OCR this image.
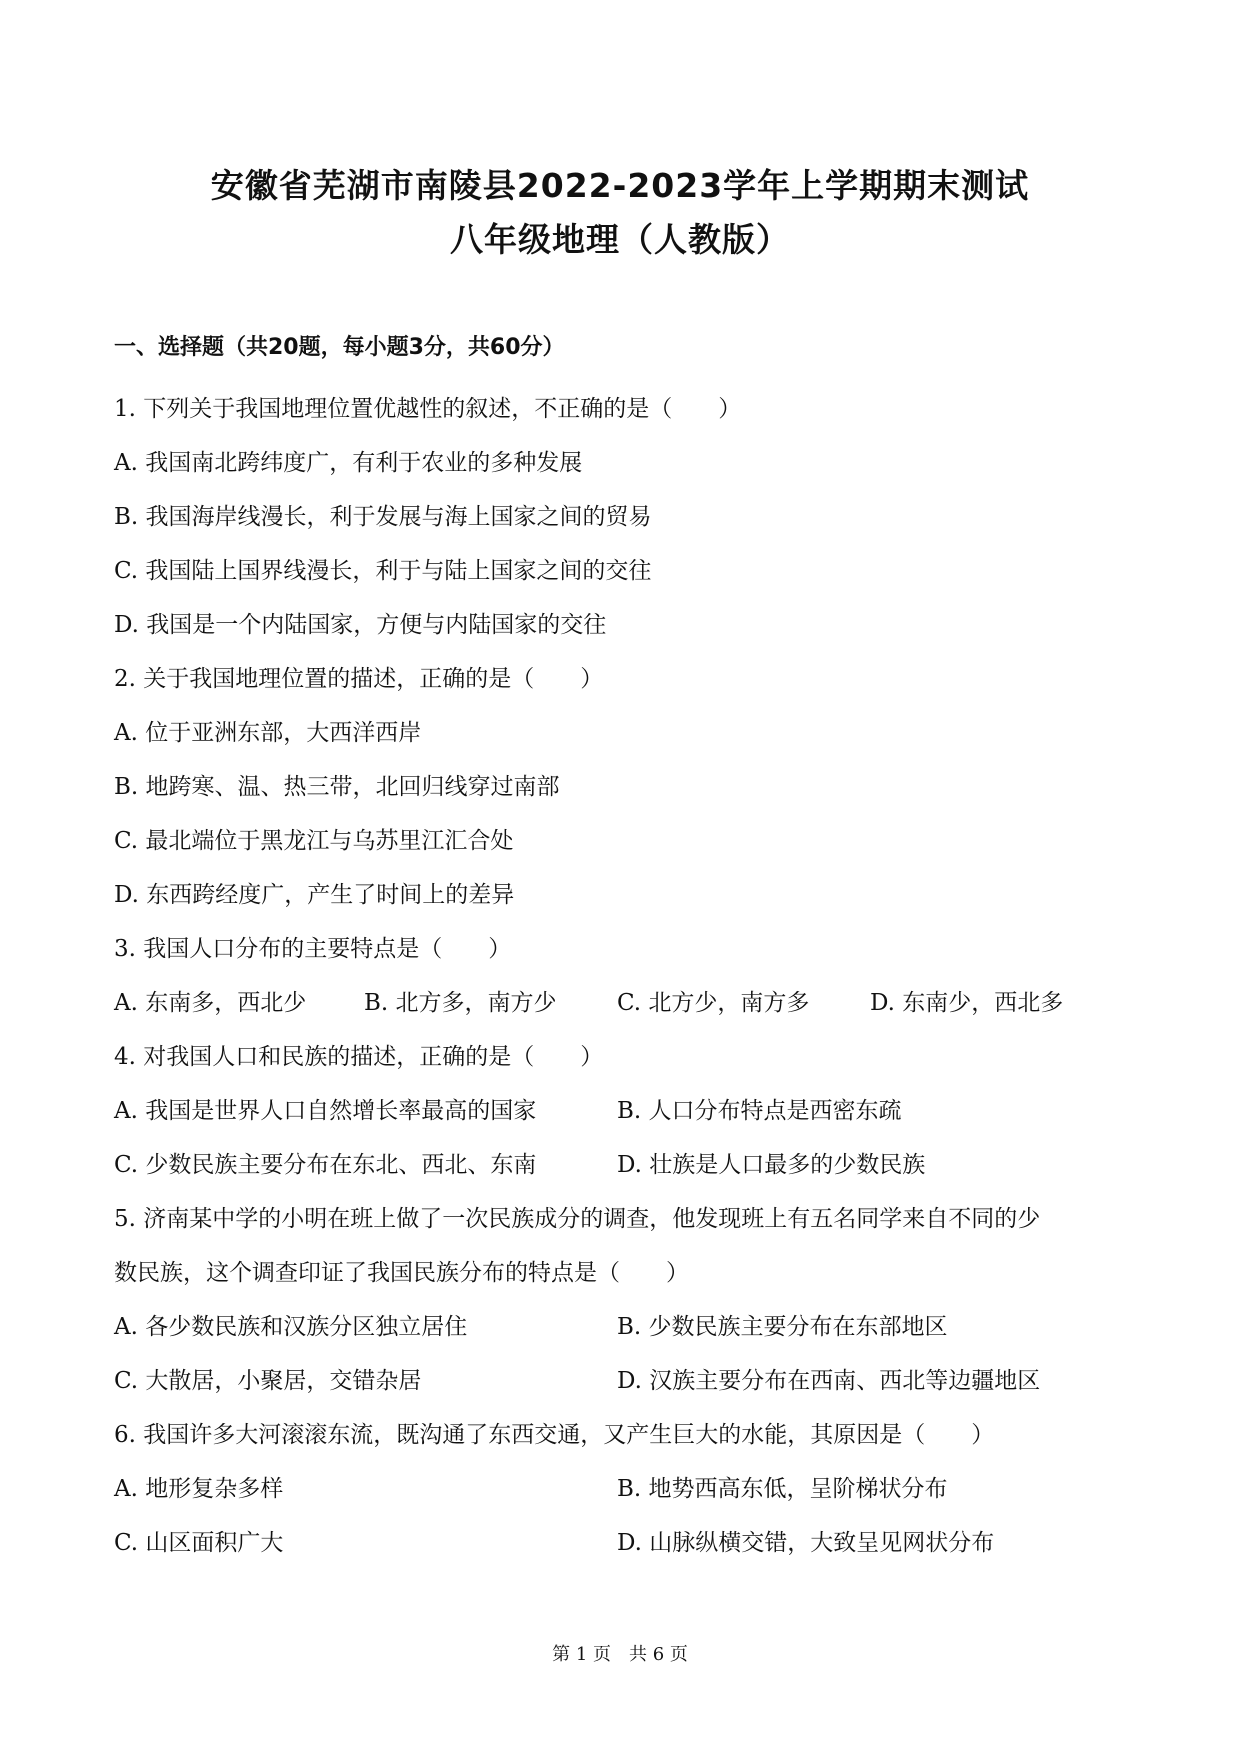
安徽省芜湖市南陵县2022-2023学年上学期期末测试
八年级地理（人教版）
一、选择题（共20题，每小题3分，共60分）
1. 下列关于我国地理位置优越性的叙述，不正确的是（　　）
A. 我国南北跨纬度广，有利于农业的多种发展
B. 我国海岸线漫长，利于发展与海上国家之间的贸易
C. 我国陆上国界线漫长，利于与陆上国家之间的交往
D. 我国是一个内陆国家，方便与内陆国家的交往
2. 关于我国地理位置的描述，正确的是（　　）
A. 位于亚洲东部，大西洋西岸
B. 地跨寒、温、热三带，北回归线穿过南部
C. 最北端位于黑龙江与乌苏里江汇合处
D. 东西跨经度广，产生了时间上的差异
3. 我国人口分布的主要特点是（　　）
A. 东南多，西北少	B. 北方多，南方少	C. 北方少，南方多	D. 东南少，西北多
4. 对我国人口和民族的描述，正确的是（　　）
A. 我国是世界人口自然增长率最高的国家	B. 人口分布特点是西密东疏
C. 少数民族主要分布在东北、西北、东南	D. 壮族是人口最多的少数民族
5. 济南某中学的小明在班上做了一次民族成分的调查，他发现班上有五名同学来自不同的少
数民族，这个调查印证了我国民族分布的特点是（　　）
A. 各少数民族和汉族分区独立居住	B. 少数民族主要分布在东部地区
C. 大散居，小聚居，交错杂居	D. 汉族主要分布在西南、西北等边疆地区
6. 我国许多大河滚滚东流，既沟通了东西交通，又产生巨大的水能，其原因是（　　）
A. 地形复杂多样	B. 地势西高东低，呈阶梯状分布
C. 山区面积广大	D. 山脉纵横交错，大致呈见网状分布
第 1 页　共 6 页
